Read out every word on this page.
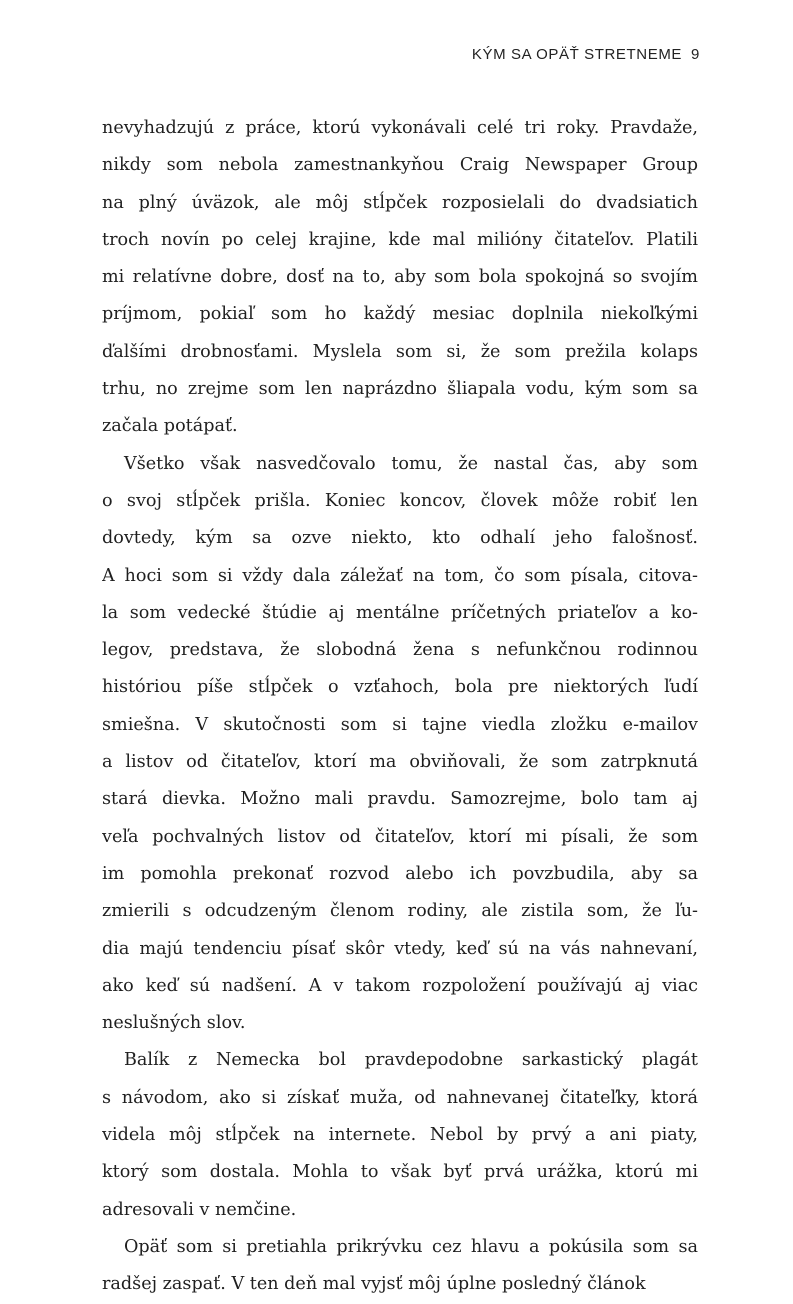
KÝM SA OPÄŤ STRETNEME 9
nevyhadzujú z práce, ktorú vykonávali celé tri roky. Pravdaže,
nikdy som nebola zamestnankyňou Craig Newspaper Group
na plný úväzok, ale môj stĺpček rozposielali do dvadsiatich
troch novín po celej krajine, kde mal milióny čitateľov. Platili
mi relatívne dobre, dosť na to, aby som bola spokojná so svojím
príjmom, pokiaľ som ho každý mesiac doplnila niekoľkými
ďalšími drobnosťami. Myslela som si, že som prežila kolaps
trhu, no zrejme som len naprázdno šliapala vodu, kým som sa
začala potápať.
Všetko však nasvedčovalo tomu, že nastal čas, aby som
o svoj stĺpček prišla. Koniec koncov, človek môže robiť len
dovtedy, kým sa ozve niekto, kto odhalí jeho falošnosť.
A hoci som si vždy dala záležať na tom, čo som písala, citova-
la som vedecké štúdie aj mentálne príčetných priateľov a ko-
legov, predstava, že slobodná žena s nefunkčnou rodinnou
históriou píše stĺpček o vzťahoch, bola pre niektorých ľudí
smiešna. V skutočnosti som si tajne viedla zložku e-mailov
a listov od čitateľov, ktorí ma obviňovali, že som zatrpknutá
stará dievka. Možno mali pravdu. Samozrejme, bolo tam aj
veľa pochvalných listov od čitateľov, ktorí mi písali, že som
im pomohla prekonať rozvod alebo ich povzbudila, aby sa
zmierili s odcudzeným členom rodiny, ale zistila som, že ľu-
dia majú tendenciu písať skôr vtedy, keď sú na vás nahnevaní,
ako keď sú nadšení. A v takom rozpoložení používajú aj viac
neslušných slov.
Balík z Nemecka bol pravdepodobne sarkastický plagát
s návodom, ako si získať muža, od nahnevanej čitateľky, ktorá
videla môj stĺpček na internete. Nebol by prvý a ani piaty,
ktorý som dostala. Mohla to však byť prvá urážka, ktorú mi
adresovali v nemčine.
Opäť som si pretiahla prikrývku cez hlavu a pokúsila som sa
radšej zaspať. V ten deň mal vyjsť môj úplne posledný článok
